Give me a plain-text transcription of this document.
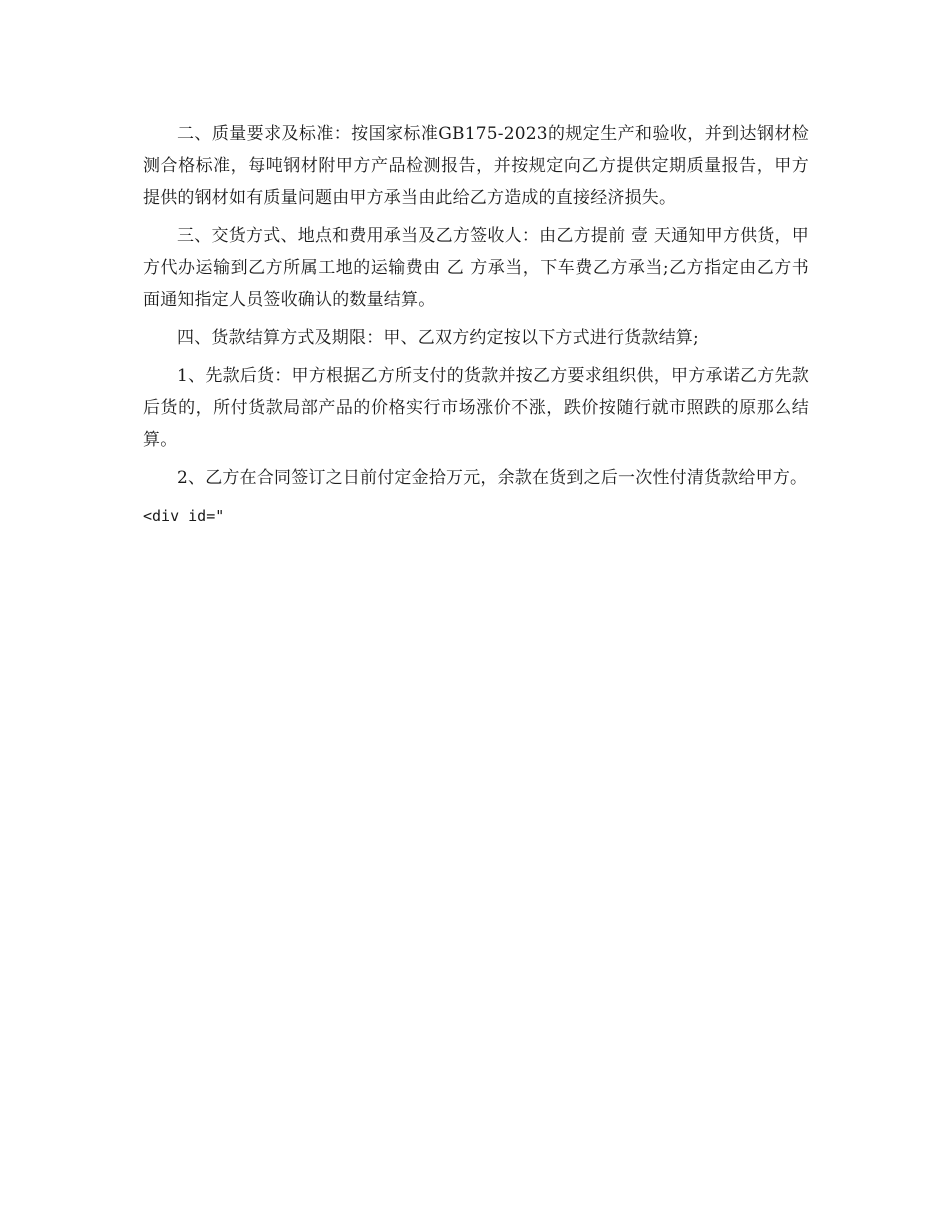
二、质量要求及标准：按国家标准GB175-2023的规定生产和验收，并到达钢材检测合格标准，每吨钢材附甲方产品检测报告，并按规定向乙方提供定期质量报告，甲方提供的钢材如有质量问题由甲方承当由此给乙方造成的直接经济损失。

三、交货方式、地点和费用承当及乙方签收人：由乙方提前 壹 天通知甲方供货，甲方代办运输到乙方所属工地的运输费由 乙 方承当，下车费乙方承当;乙方指定由乙方书面通知指定人员签收确认的数量结算。

四、货款结算方式及期限：甲、乙双方约定按以下方式进行货款结算;

1、先款后货：甲方根据乙方所支付的货款并按乙方要求组织供，甲方承诺乙方先款后货的，所付货款局部产品的价格实行市场涨价不涨，跌价按随行就市照跌的原那么结算。

2、乙方在合同签订之日前付定金拾万元，余款在货到之后一次性付清货款给甲方。

<div id="
